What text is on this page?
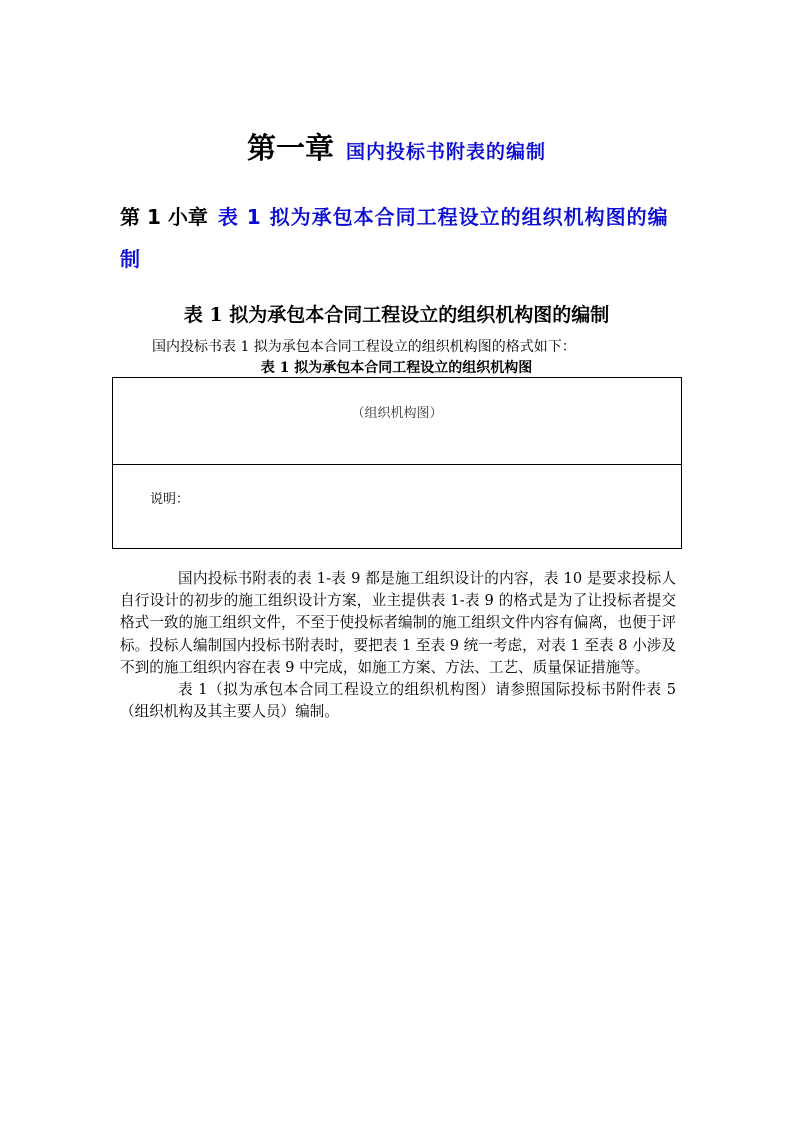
第一章 国内投标书附表的编制
第 1 小章 表 1 拟为承包本合同工程设立的组织机构图的编制
表 1 拟为承包本合同工程设立的组织机构图的编制
国内投标书表 1 拟为承包本合同工程设立的组织机构图的格式如下：
表 1 拟为承包本合同工程设立的组织机构图
（组织机构图）
说明：

国内投标书附表的表 1-表 9 都是施工组织设计的内容，表 10 是要求投标人自行设计的初步的施工组织设计方案，业主提供表 1-表 9 的格式是为了让投标者提交格式一致的施工组织文件，不至于使投标者编制的施工组织文件内容有偏离，也便于评标。投标人编制国内投标书附表时，要把表 1 至表 9 统一考虑，对表 1 至表 8 小涉及不到的施工组织内容在表 9 中完成，如施工方案、方法、工艺、质量保证措施等。

表 1（拟为承包本合同工程设立的组织机构图）请参照国际投标书附件表 5（组织机构及其主要人员）编制。
